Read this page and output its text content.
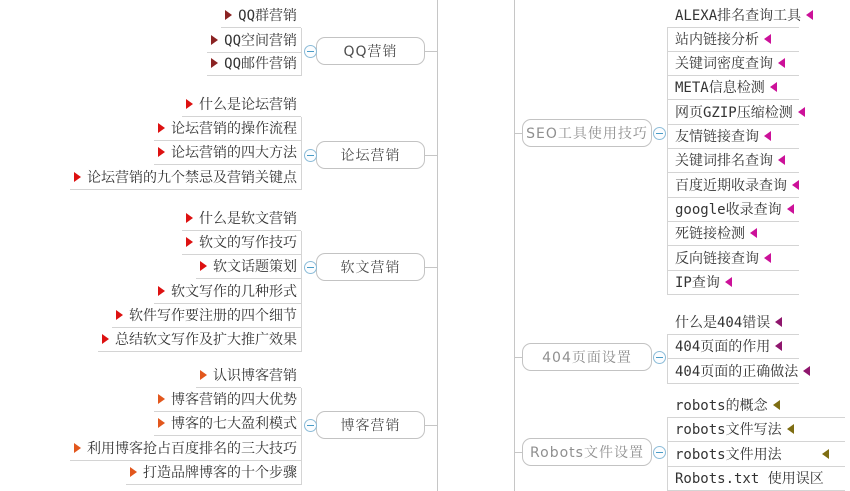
QQ营销
QQ群营销
QQ空间营销
QQ邮件营销
论坛营销
什么是论坛营销
论坛营销的操作流程
论坛营销的四大方法
论坛营销的九个禁忌及营销关键点
软文营销
什么是软文营销
软文的写作技巧
软文话题策划
软文写作的几种形式
软件写作要注册的四个细节
总结软文写作及扩大推广效果
博客营销
认识博客营销
博客营销的四大优势
博客的七大盈利模式
利用博客抢占百度排名的三大技巧
打造品牌博客的十个步骤
SEO工具使用技巧
ALEXA排名查询工具
站内链接分析
关键词密度查询
META信息检测
网页GZIP压缩检测
友情链接查询
关键词排名查询
百度近期收录查询
google收录查询
死链接检测
反向链接查询
IP查询
404页面设置
什么是404错误
404页面的作用
404页面的正确做法
Robots文件设置
robots的概念
robots文件写法
robots文件用法
Robots.txt 使用误区
